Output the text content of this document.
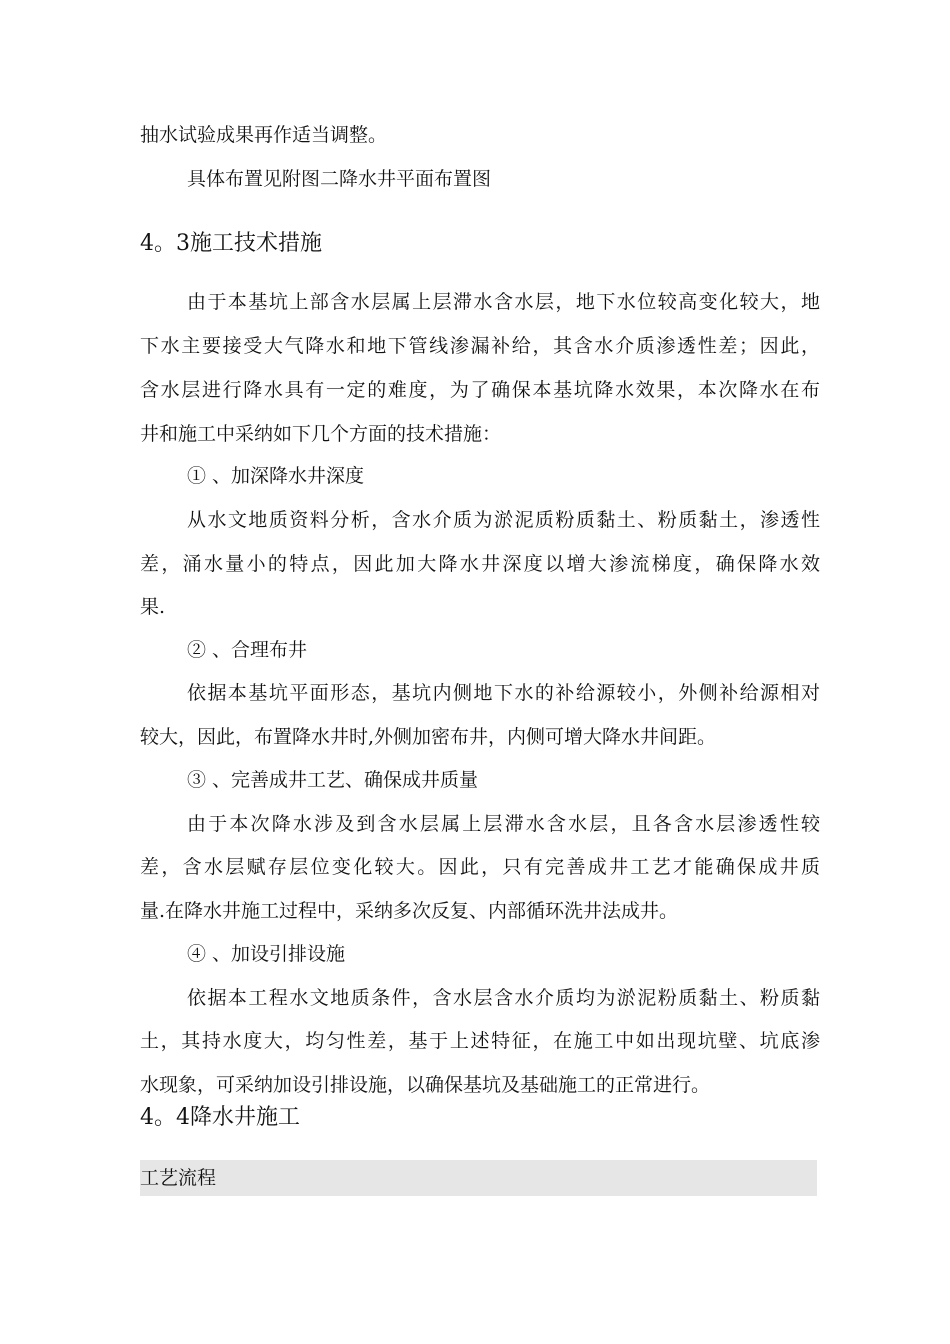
抽水试验成果再作适当调整。
具体布置见附图二降水井平面布置图
4。3施工技术措施
由于本基坑上部含水层属上层滞水含水层，地下水位较高变化较大，地
下水主要接受大气降水和地下管线渗漏补给，其含水介质渗透性差；因此，
含水层进行降水具有一定的难度，为了确保本基坑降水效果，本次降水在布
井和施工中采纳如下几个方面的技术措施：
① 、加深降水井深度
从水文地质资料分析，含水介质为淤泥质粉质黏土、粉质黏土，渗透性
差，涌水量小的特点，因此加大降水井深度以增大渗流梯度，确保降水效
果.
② 、合理布井
依据本基坑平面形态，基坑内侧地下水的补给源较小，外侧补给源相对
较大，因此，布置降水井时,外侧加密布井，内侧可增大降水井间距。
③ 、完善成井工艺、确保成井质量
由于本次降水涉及到含水层属上层滞水含水层，且各含水层渗透性较
差，含水层赋存层位变化较大。因此，只有完善成井工艺才能确保成井质
量.在降水井施工过程中，采纳多次反复、内部循环洗井法成井。
④ 、加设引排设施
依据本工程水文地质条件，含水层含水介质均为淤泥粉质黏土、粉质黏
土，其持水度大，均匀性差，基于上述特征，在施工中如出现坑壁、坑底渗
水现象，可采纳加设引排设施，以确保基坑及基础施工的正常进行。
4。4降水井施工
工艺流程
